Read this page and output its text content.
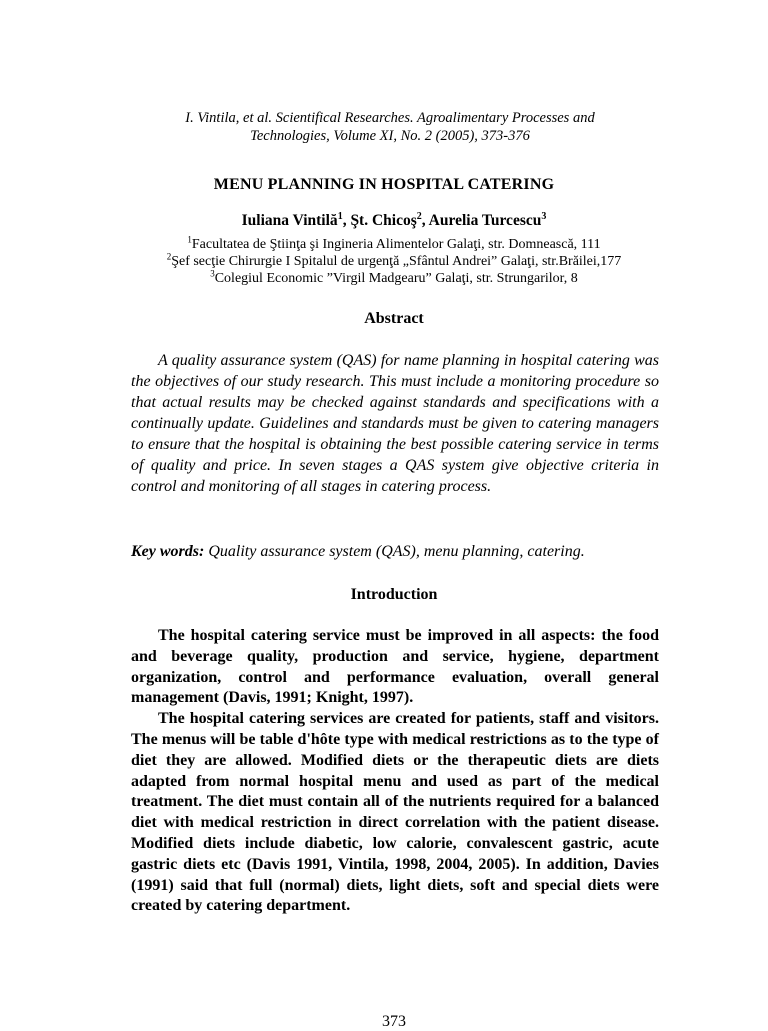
I. Vintila, et al. Scientifical Researches. Agroalimentary Processes and
Technologies, Volume XI, No. 2 (2005), 373-376
MENU PLANNING IN HOSPITAL CATERING
Iuliana Vintilă$^1$, Şt. Chicoş$^2$, Aurelia Turcescu$^3$
$^1$Facultatea de Ştiinţa şi Ingineria Alimentelor Galaţi, str. Domnească, 111
$^2$Şef secţie Chirurgie I Spitalul de urgenţă „Sfântul Andrei” Galaţi, str.Brăilei,177
$^3$Colegiul Economic ”Virgil Madgearu” Galaţi, str. Strungarilor, 8
Abstract
A quality assurance system (QAS) for name planning in hospital catering was the objectives of our study research. This must include a monitoring procedure so that actual results may be checked against standards and specifications with a continually update. Guidelines and standards must be given to catering managers to ensure that the hospital is obtaining the best possible catering service in terms of quality and price. In seven stages a QAS system give objective criteria in control and monitoring of all stages in catering process.
Key words: Quality assurance system (QAS), menu planning, catering.
Introduction

The hospital catering service must be improved in all aspects: the food and beverage quality, production and service, hygiene, department organization, control and performance evaluation, overall general management (Davis, 1991; Knight, 1997).

The hospital catering services are created for patients, staff and visitors. The menus will be table d'hôte type with medical restrictions as to the type of diet they are allowed. Modified diets or the therapeutic diets are diets adapted from normal hospital menu and used as part of the medical treatment. The diet must contain all of the nutrients required for a balanced diet with medical restriction in direct correlation with the patient disease. Modified diets include diabetic, low calorie, convalescent gastric, acute gastric diets etc (Davis 1991, Vintila, 1998, 2004, 2005). In addition, Davies (1991) said that full (normal) diets, light diets, soft and special diets were created by catering department.

373
